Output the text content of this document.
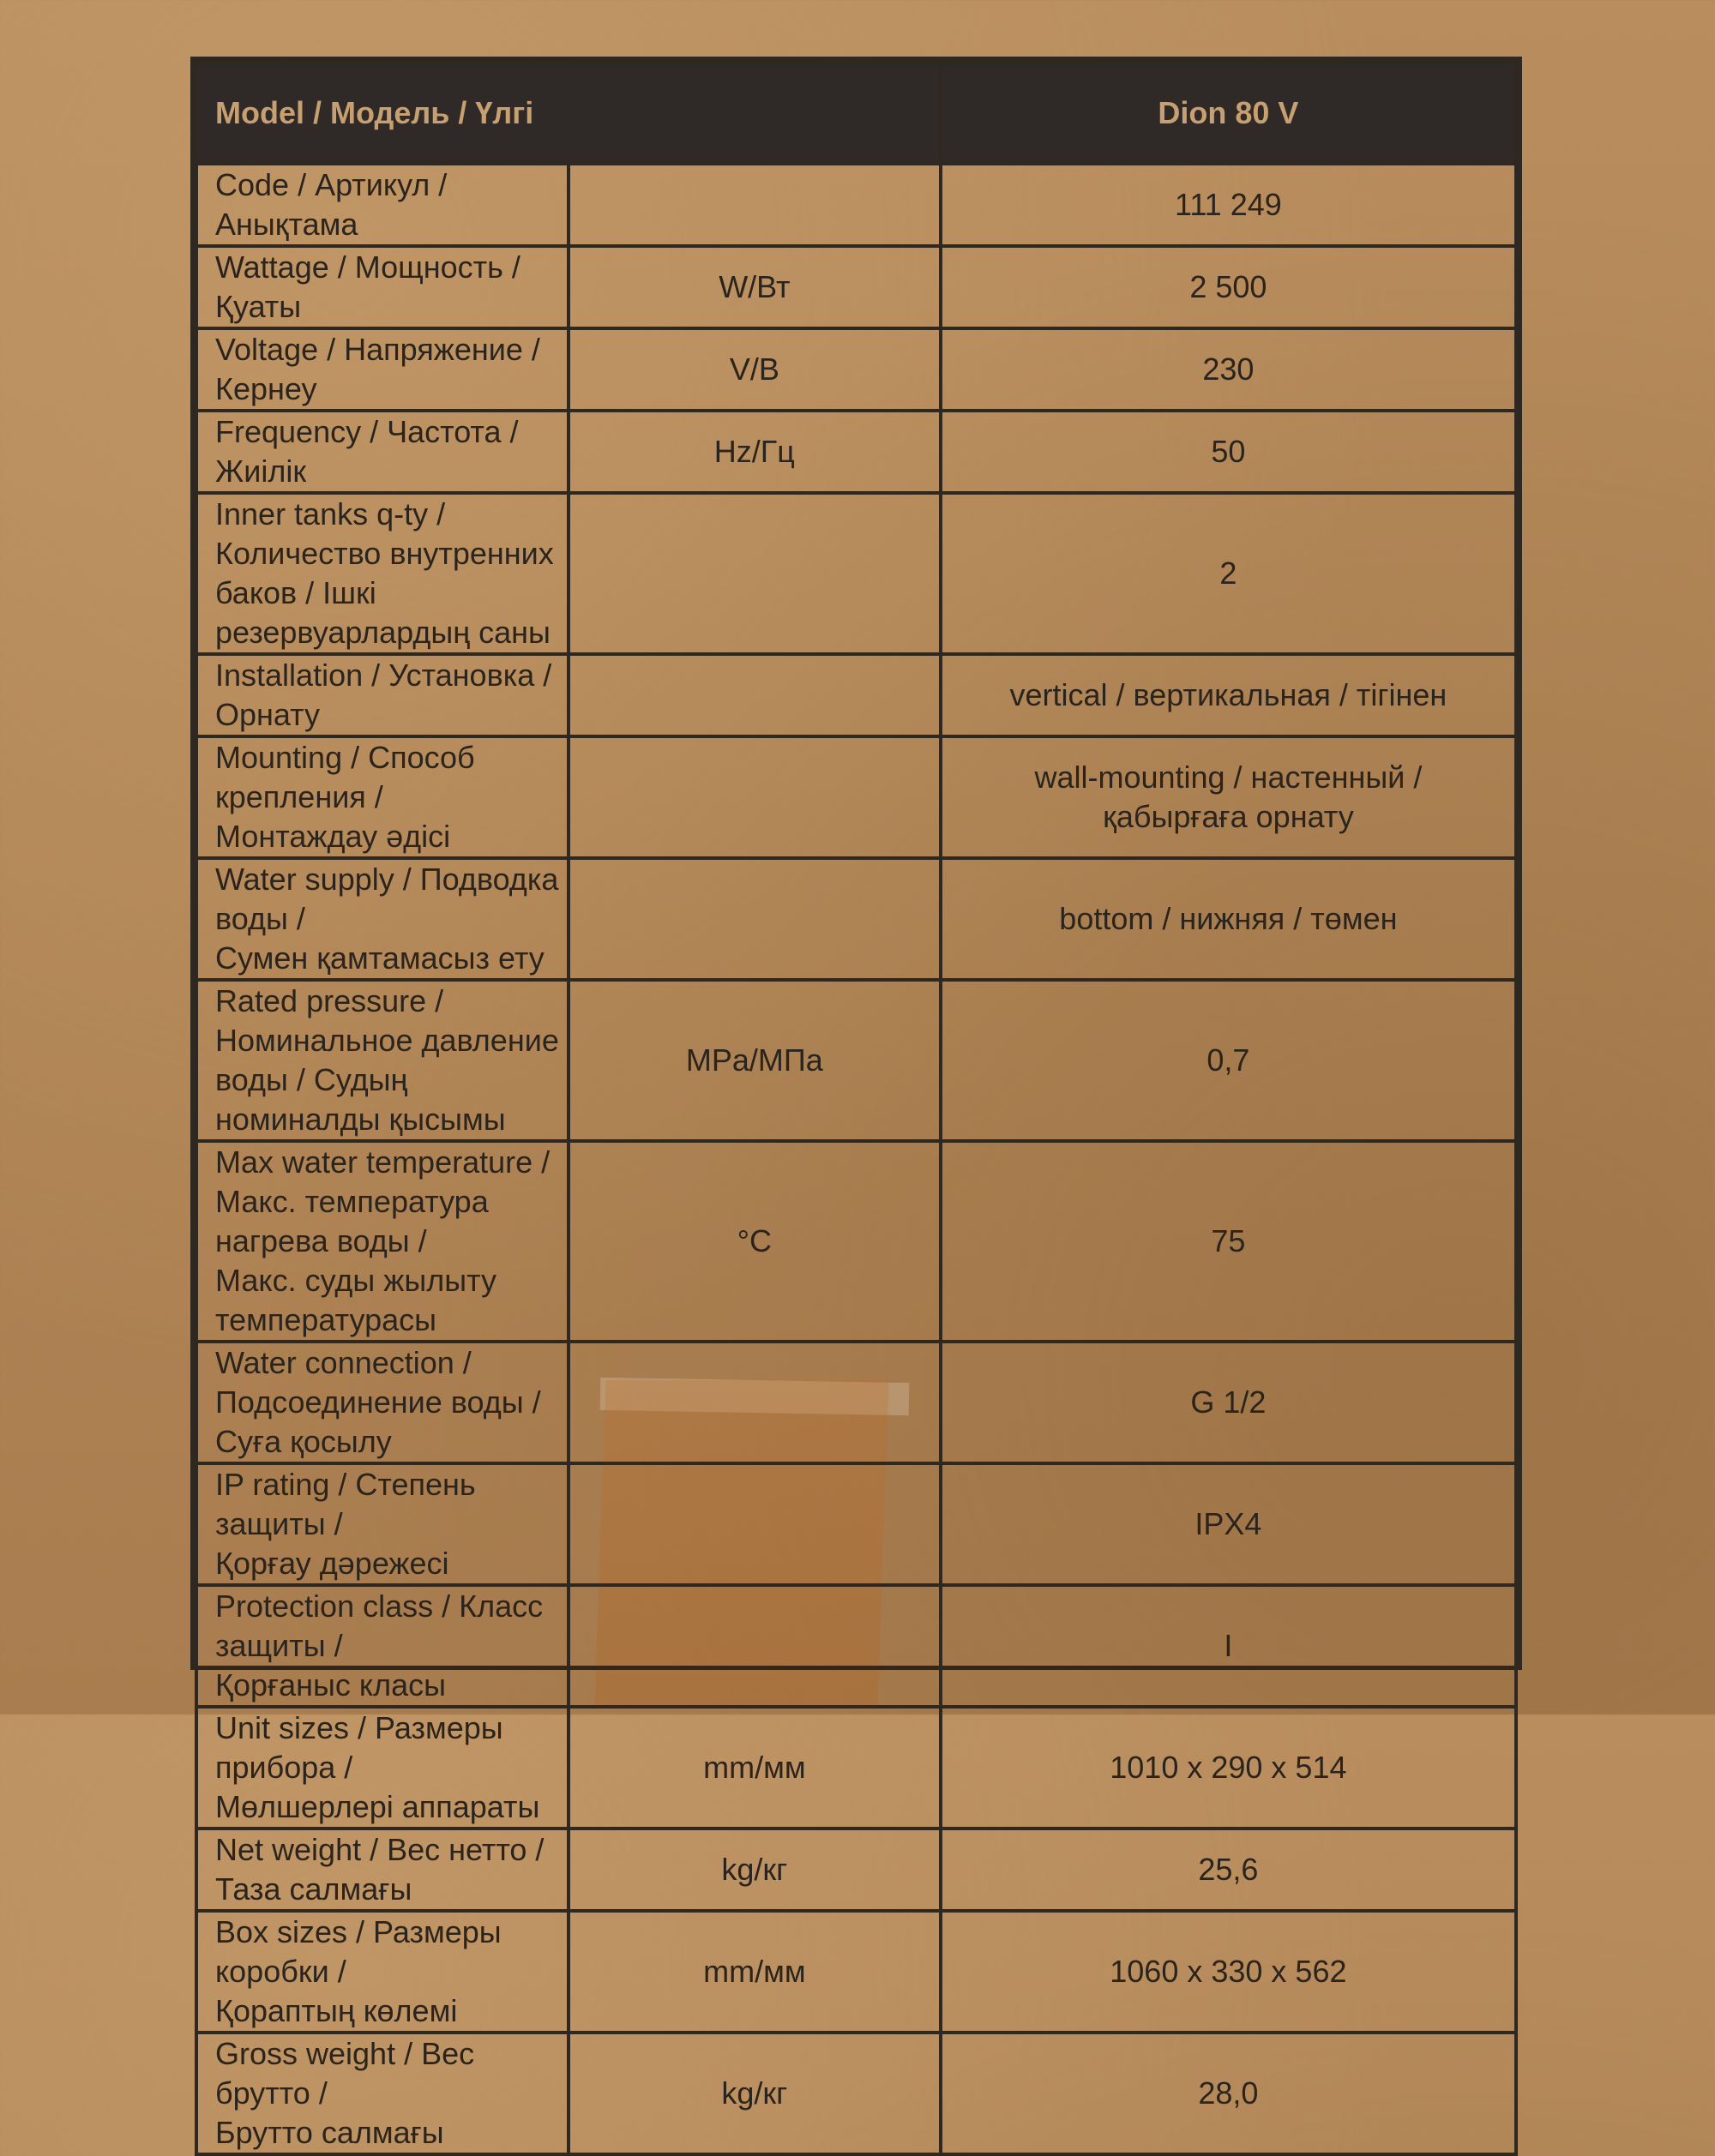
Model / Модель / Үлгі		Dion 80 V

Code / Артикул / Анықтама		111 249

Wattage / Мощность / Қуаты	W/Вт	2 500

Voltage / Напряжение / Кернеу	V/B	230

Frequency / Частота / Жиілік	Hz/Гц	50

Inner tanks q-ty / Количество внутренних
баков / Ішкі резервуарлардың саны		2

Installation / Установка / Орнату		vertical / вертикальная / тігінен

Mounting / Способ крепления /
Монтаждау әдісі		wall-mounting / настенный /
қабырғаға орнату

Water supply / Подводка воды /
Сумен қамтамасыз ету		bottom / нижняя / төмен

Rated pressure / Номинальное давление
воды / Судың номиналды қысымы	MPa/МПа	0,7

Max water temperature /
Макс. температура нагрева воды /
Макс. суды жылыту температурасы	°C	75

Water connection / Подсоединение воды /
Суға қосылу		G 1/2

IP rating / Степень защиты /
Қорғау дәрежесі		IPX4

Protection class / Класс защиты /
Қорғаныс класы		I

Unit sizes / Размеры прибора /
Мөлшерлері аппараты	mm/мм	1010 x 290 x 514

Net weight / Вес нетто / Таза салмағы	kg/кг	25,6

Box sizes / Размеры коробки /
Қораптың көлемі	mm/мм	1060 x 330 x 562

Gross weight / Вес брутто /
Брутто салмағы	kg/кг	28,0
